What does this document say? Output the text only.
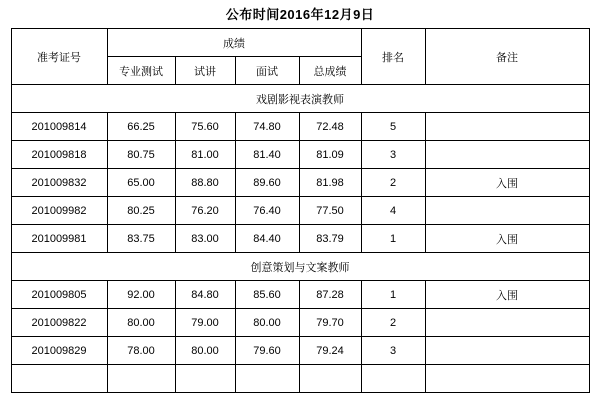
公布时间2016年12月9日
准考证号	成绩				排名	备注
	专业测试	试讲	面试	总成绩		
戏剧影视表演教师						
201009814	66.25	75.60	74.80	72.48	5	
201009818	80.75	81.00	81.40	81.09	3	
201009832	65.00	88.80	89.60	81.98	2	入围
201009982	80.25	76.20	76.40	77.50	4	
201009981	83.75	83.00	84.40	83.79	1	入围
创意策划与文案教师						
201009805	92.00	84.80	85.60	87.28	1	入围
201009822	80.00	79.00	80.00	79.70	2	
201009829	78.00	80.00	79.60	79.24	3	
